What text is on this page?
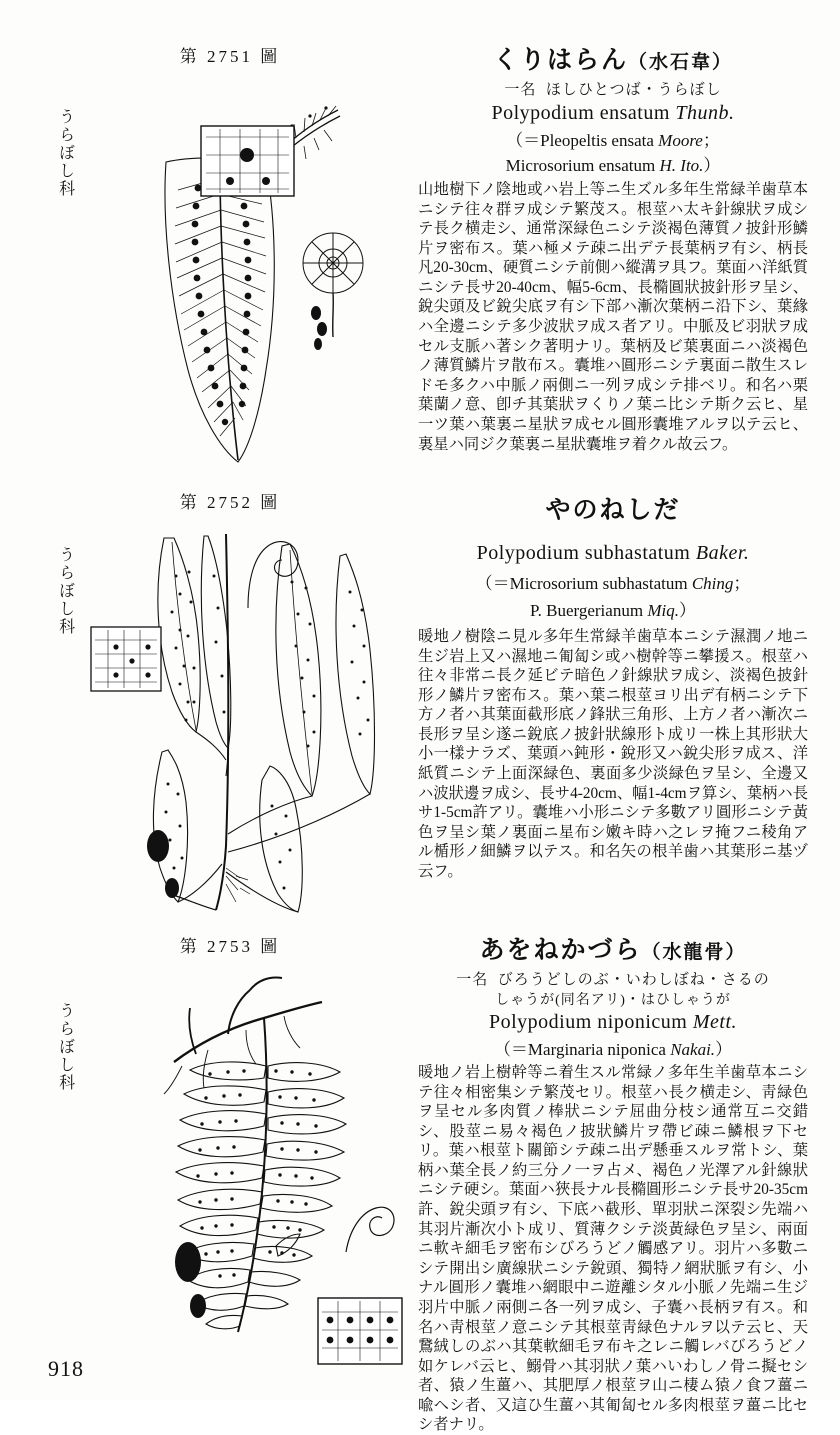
第 2751 圖
うらぼし科
くりはらん（水石韋）
一名 ほしひとつば・うらぼし
Polypodium ensatum Thunb.
（＝Pleopeltis ensata Moore；
Microsorium ensatum H. Ito.）
山地樹下ノ陰地或ハ岩上等ニ生ズル多年生常緑羊歯草本ニシテ往々群ヲ成シテ繁茂ス。根莖ハ太キ針線狀ヲ成シテ長ク横走シ、通常深緑色ニシテ淡褐色薄質ノ披針形鱗片ヲ密布ス。葉ハ極メテ疎ニ出デテ長葉柄ヲ有シ、柄長凡20-30cm、硬質ニシテ前側ハ縱溝ヲ具フ。葉面ハ洋紙質ニシテ長サ20-40cm、幅5-6cm、長橢圓狀披針形ヲ呈シ、銳尖頭及ビ銳尖底ヲ有シ下部ハ漸次葉柄ニ沿下シ、葉緣ハ全邊ニシテ多少波狀ヲ成ス者アリ。中脈及ビ羽狀ヲ成セル支脈ハ著シク著明ナリ。葉柄及ビ葉裏面ニハ淡褐色ノ薄質鱗片ヲ散布ス。囊堆ハ圓形ニシテ裏面ニ散生スレドモ多クハ中脈ノ兩側ニ一列ヲ成シテ排ベリ。和名ハ栗葉蘭ノ意、卽チ其葉狀ヲくりノ葉ニ比シテ斯ク云ヒ、星一ツ葉ハ葉裏ニ星狀ヲ成セル圓形囊堆アルヲ以テ云ヒ、裏星ハ同ジク葉裏ニ星狀囊堆ヲ着クル故云フ。
第 2752 圖
うらぼし科
やのねしだ
Polypodium subhastatum Baker.
（＝Microsorium subhastatum Ching；
P. Buergerianum Miq.）
暖地ノ樹陰ニ見ル多年生常緑羊歯草本ニシテ濕潤ノ地ニ生ジ岩上又ハ濕地ニ匍匐シ或ハ樹幹等ニ攀援ス。根莖ハ往々非常ニ長ク延ビテ暗色ノ針線狀ヲ成シ、淡褐色披針形ノ鱗片ヲ密布ス。葉ハ葉ニ根莖ヨリ出デ有柄ニシテ下方ノ者ハ其葉面截形底ノ鋒狀三角形、上方ノ者ハ漸次ニ長形ヲ呈シ遂ニ銳底ノ披針狀線形ト成リ一株上其形狀大小一樣ナラズ、葉頭ハ鈍形・銳形又ハ銳尖形ヲ成ス、洋紙質ニシテ上面深緑色、裏面多少淡緑色ヲ呈シ、全邊又ハ波狀邊ヲ成シ、長サ4-20cm、幅1-4cmヲ算シ、葉柄ハ長サ1-5cm許アリ。囊堆ハ小形ニシテ多數アリ圓形ニシテ黃色ヲ呈シ葉ノ裏面ニ星布シ嫩キ時ハ之レヲ掩フニ稜角アル楯形ノ細鱗ヲ以テス。和名矢の根羊歯ハ其葉形ニ基ヅ云フ。
第 2753 圖
うらぼし科
あをねかづら（水龍骨）
一名 びろうどしのぶ・いわしぼね・さるの
しゃうが(同名アリ)・はひしゃうが
Polypodium niponicum Mett.
（＝Marginaria niponica Nakai.）
暖地ノ岩上樹幹等ニ着生スル常緑ノ多年生羊歯草本ニシテ往々相密集シテ繁茂セリ。根莖ハ長ク横走シ、靑緑色ヲ呈セル多肉質ノ棒狀ニシテ屈曲分枝シ通常互ニ交錯シ、股莖ニ易々褐色ノ披狀鱗片ヲ帶ビ疎ニ鱗根ヲ下セリ。葉ハ根莖ト關節シテ疎ニ出デ懸垂スルヲ常トシ、葉柄ハ葉全長ノ約三分ノ一ヲ占メ、褐色ノ光澤アル針線狀ニシテ硬シ。葉面ハ狹長ナル長橢圓形ニシテ長サ20-35cm許、銳尖頭ヲ有シ、下底ハ截形、單羽狀ニ深裂シ先端ハ其羽片漸次小ト成リ、質薄クシテ淡黃緑色ヲ呈シ、兩面ニ軟キ細毛ヲ密布シびろうどノ觸感アリ。羽片ハ多數ニシテ開出シ廣線狀ニシテ銳頭、獨特ノ網狀脈ヲ有シ、小ナル圓形ノ囊堆ハ網眼中ニ遊離シタル小脈ノ先端ニ生ジ羽片中脈ノ兩側ニ各一列ヲ成シ、子囊ハ長柄ヲ有ス。和名ハ靑根莖ノ意ニシテ其根莖靑緑色ナルヲ以テ云ヒ、天鵞絨しのぶハ其葉軟細毛ヲ布キ之レニ觸レバびろうどノ如ケレバ云ヒ、鰯骨ハ其羽狀ノ葉ハいわしノ骨ニ擬セシ者、猿ノ生薑ハ、其肥厚ノ根莖ヲ山ニ棲ム猿ノ食フ薑ニ喩ヘシ者、又這ひ生薑ハ其匍匐セル多肉根莖ヲ薑ニ比セシ者ナリ。
918
